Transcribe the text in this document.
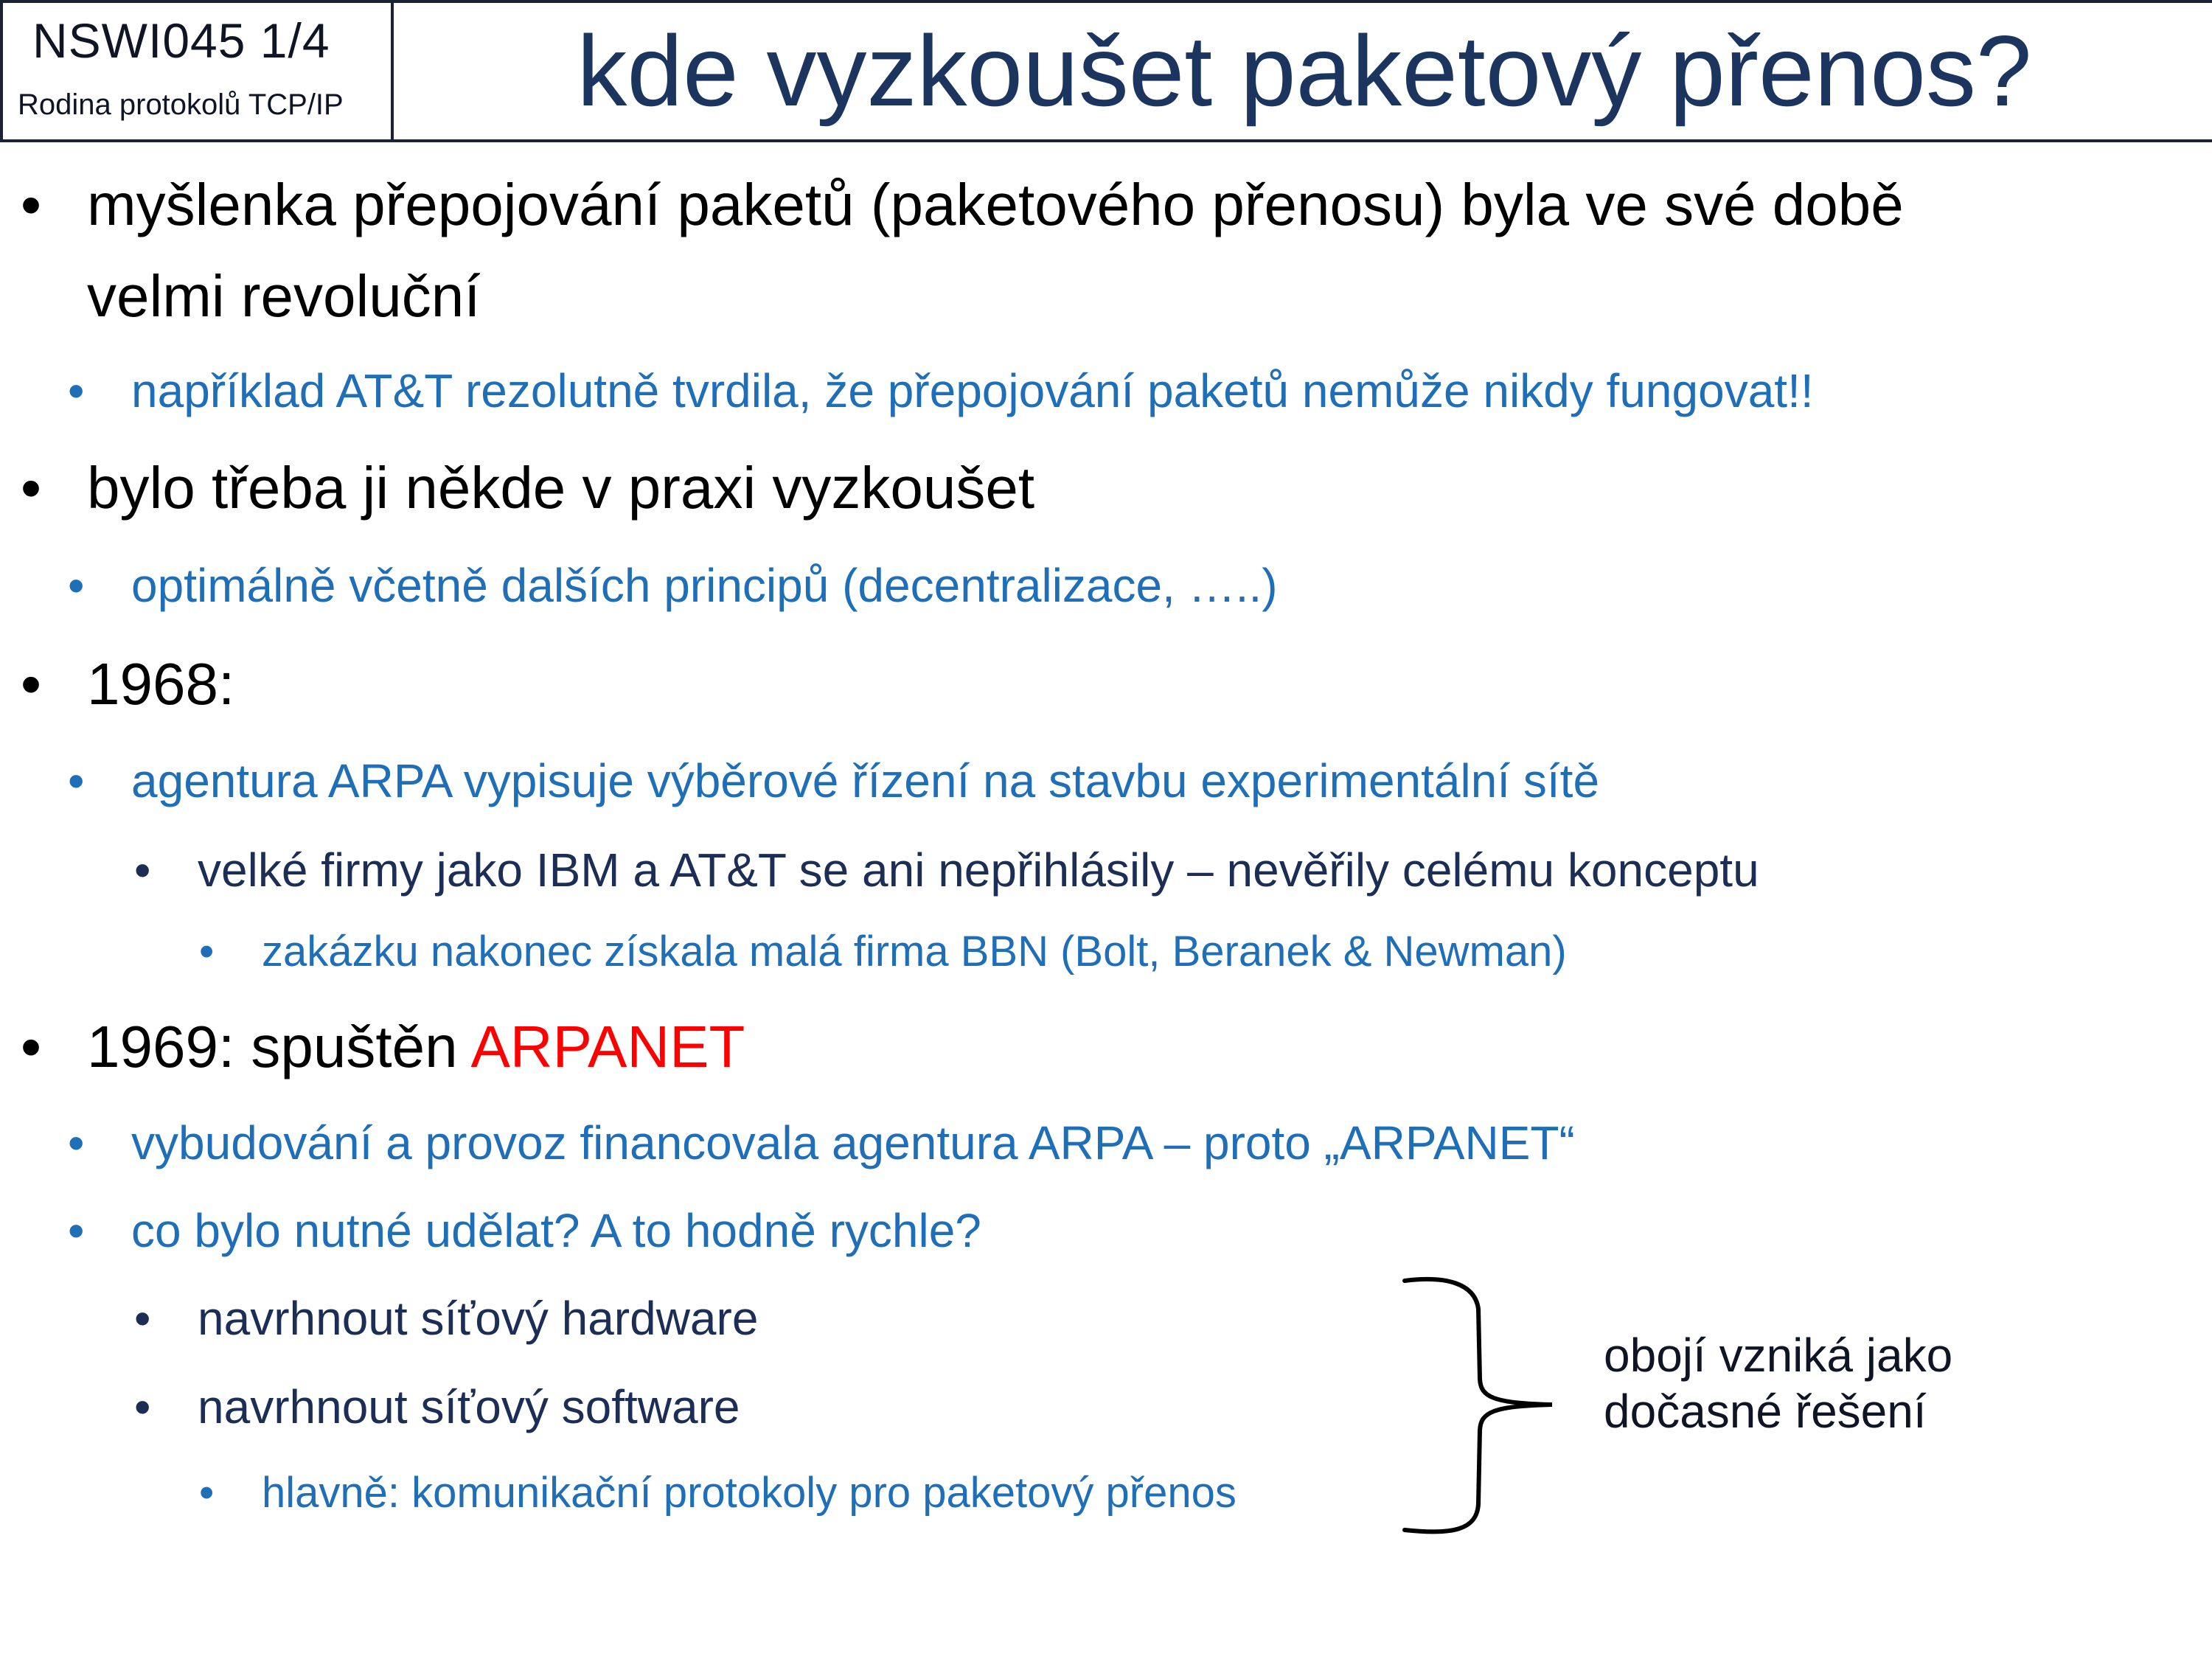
NSWI045 1/4
Rodina protokolů TCP/IP	kde vyzkoušet paketový přenos?
• myšlenka přepojování paketů (paketového přenosu) byla ve své době
velmi revoluční
• například AT&T rezolutně tvrdila, že přepojování paketů nemůže nikdy fungovat!!
• bylo třeba ji někde v praxi vyzkoušet
• optimálně včetně dalších principů (decentralizace, …..)
• 1968:
• agentura ARPA vypisuje výběrové řízení na stavbu experimentální sítě
• velké firmy jako IBM a AT&T se ani nepřihlásily – nevěřily celému konceptu
• zakázku nakonec získala malá firma BBN (Bolt, Beranek & Newman)
• 1969: spuštěn ARPANET
• vybudování a provoz financovala agentura ARPA – proto „ARPANET“
• co bylo nutné udělat? A to hodně rychle?
• navrhnout síťový hardware
• navrhnout síťový software
• hlavně: komunikační protokoly pro paketový přenos
obojí vzniká jako
dočasné řešení
